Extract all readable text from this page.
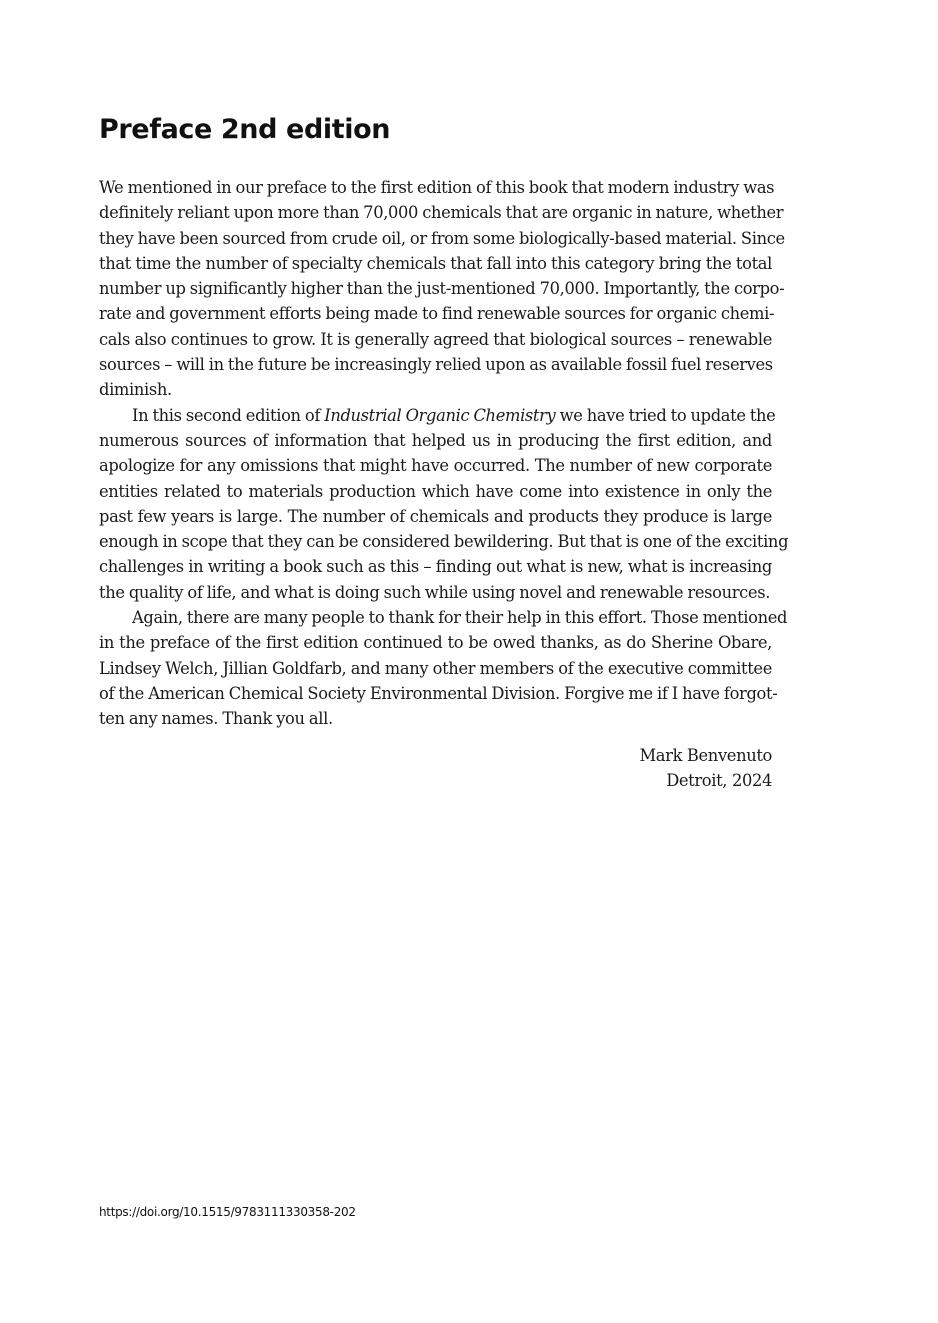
Preface 2nd edition

We mentioned in our preface to the first edition of this book that modern industry was
definitely reliant upon more than 70,000 chemicals that are organic in nature, whether
they have been sourced from crude oil, or from some biologically-based material. Since
that time the number of specialty chemicals that fall into this category bring the total
number up significantly higher than the just-mentioned 70,000. Importantly, the corpo-
rate and government efforts being made to find renewable sources for organic chemi-
cals also continues to grow. It is generally agreed that biological sources – renewable
sources – will in the future be increasingly relied upon as available fossil fuel reserves
diminish.

In this second edition of Industrial Organic Chemistry we have tried to update the
numerous sources of information that helped us in producing the first edition, and
apologize for any omissions that might have occurred. The number of new corporate
entities related to materials production which have come into existence in only the
past few years is large. The number of chemicals and products they produce is large
enough in scope that they can be considered bewildering. But that is one of the exciting
challenges in writing a book such as this – finding out what is new, what is increasing
the quality of life, and what is doing such while using novel and renewable resources.

Again, there are many people to thank for their help in this effort. Those mentioned
in the preface of the first edition continued to be owed thanks, as do Sherine Obare,
Lindsey Welch, Jillian Goldfarb, and many other members of the executive committee
of the American Chemical Society Environmental Division. Forgive me if I have forgot-
ten any names. Thank you all.

Mark Benvenuto
Detroit, 2024
https://doi.org/10.1515/9783111330358-202
